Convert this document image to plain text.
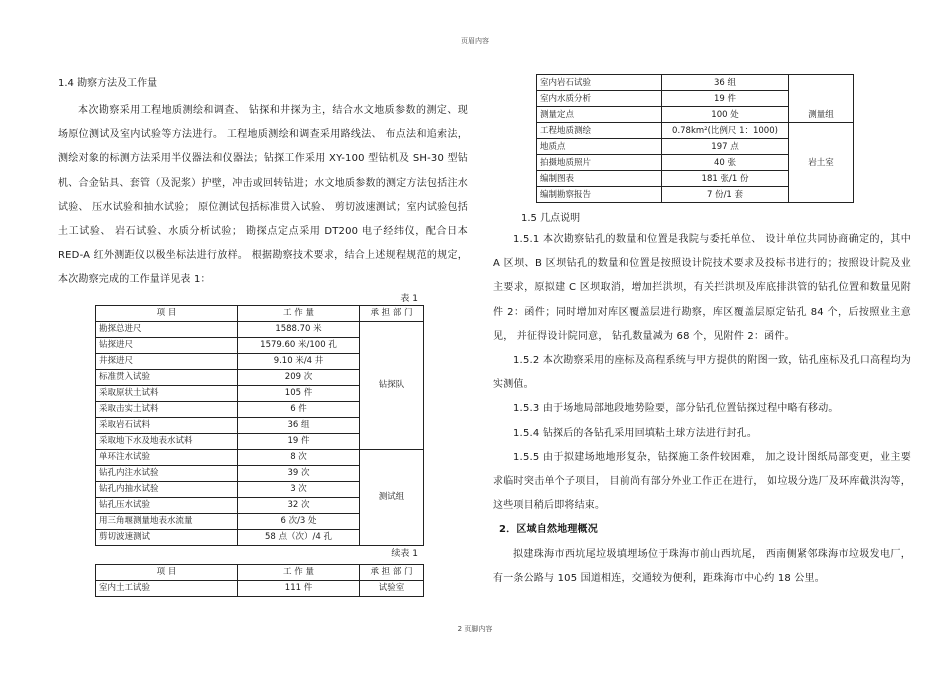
页眉内容

1.4 勘察方法及工作量

本次勘察采用工程地质测绘和调查、 钻探和井探为主，结合水文地质参数的测定、现场原位测试及室内试验等方法进行。 工程地质测绘和调查采用路线法、 布点法和追索法，测绘对象的标测方法采用半仪器法和仪器法；钻探工作采用 XY-100 型钻机及 SH-30 型钻机、合金钻具、套管（及泥浆）护壁，冲击或回转钻进；水文地质参数的测定方法包括注水试验、 压水试验和抽水试验； 原位测试包括标准贯入试验、 剪切波速测试；室内试验包括土工试验、 岩石试验、水质分析试验； 勘探点定点采用 DT200 电子经纬仪，配合日本 RED-A 红外测距仪以极坐标法进行放样。 根据勘察技术要求，结合上述规程规范的规定，本次勘察完成的工作量详见表 1：

表 1
项 目	工 作 量	承 担 部 门
勘探总进尺	1588.70 米	钻探队
钻探进尺	1579.60 米/100 孔	
井探进尺	9.10 米/4 井	
标准贯入试验	209 次	
采取原状土试料	105 件	
采取击实土试料	6 件	
采取岩石试料	36 组	
采取地下水及地表水试料	19 件	
单环注水试验	8 次	测试组
钻孔内注水试验	39 次	
钻孔内抽水试验	3 次	
钻孔压水试验	32 次	
用三角堰测量地表水流量	6 次/3 处	
剪切波速测试	58 点（次）/4 孔	
续表 1
项 目	工 作 量	承 担 部 门
室内土工试验	111 件	试验室
室内岩石试验	36 组	测量组
室内水质分析	19 件	
测量定点	100 处	
工程地质测绘	0.78km²(比例尺 1：1000)	岩土室
地质点	197 点	
拍摄地质照片	40 张	
编制图表	181 张/1 份	
编制勘察报告	7 份/1 套	

1.5 几点说明

1.5.1 本次勘察钻孔的数量和位置是我院与委托单位、 设计单位共同协商确定的，其中 A 区坝、B 区坝钻孔的数量和位置是按照设计院技术要求及投标书进行的；按照设计院及业主要求，原拟建 C 区坝取消，增加拦洪坝，有关拦洪坝及库底排洪管的钻孔位置和数量见附件 2：函件；同时增加对库区覆盖层进行勘察，库区覆盖层原定钻孔 84 个，后按照业主意见， 并征得设计院同意， 钻孔数量减为 68 个，见附件 2：函件。

1.5.2 本次勘察采用的座标及高程系统与甲方提供的附图一致，钻孔座标及孔口高程均为实测值。

1.5.3 由于场地局部地段地势险要，部分钻孔位置钻探过程中略有移动。

1.5.4 钻探后的各钻孔采用回填粘土球方法进行封孔。

1.5.5 由于拟建场地地形复杂，钻探施工条件较困难， 加之设计图纸局部变更，业主要求临时突击单个子项目， 目前尚有部分外业工作正在进行， 如垃圾分选厂及环库截洪沟等，这些项目稍后即将结束。

2．区域自然地理概况

拟建珠海市西坑尾垃圾填埋场位于珠海市前山西坑尾， 西南侧紧邻珠海市垃圾发电厂，有一条公路与 105 国道相连，交通较为便利，距珠海市中心约 18 公里。

2 页脚内容
